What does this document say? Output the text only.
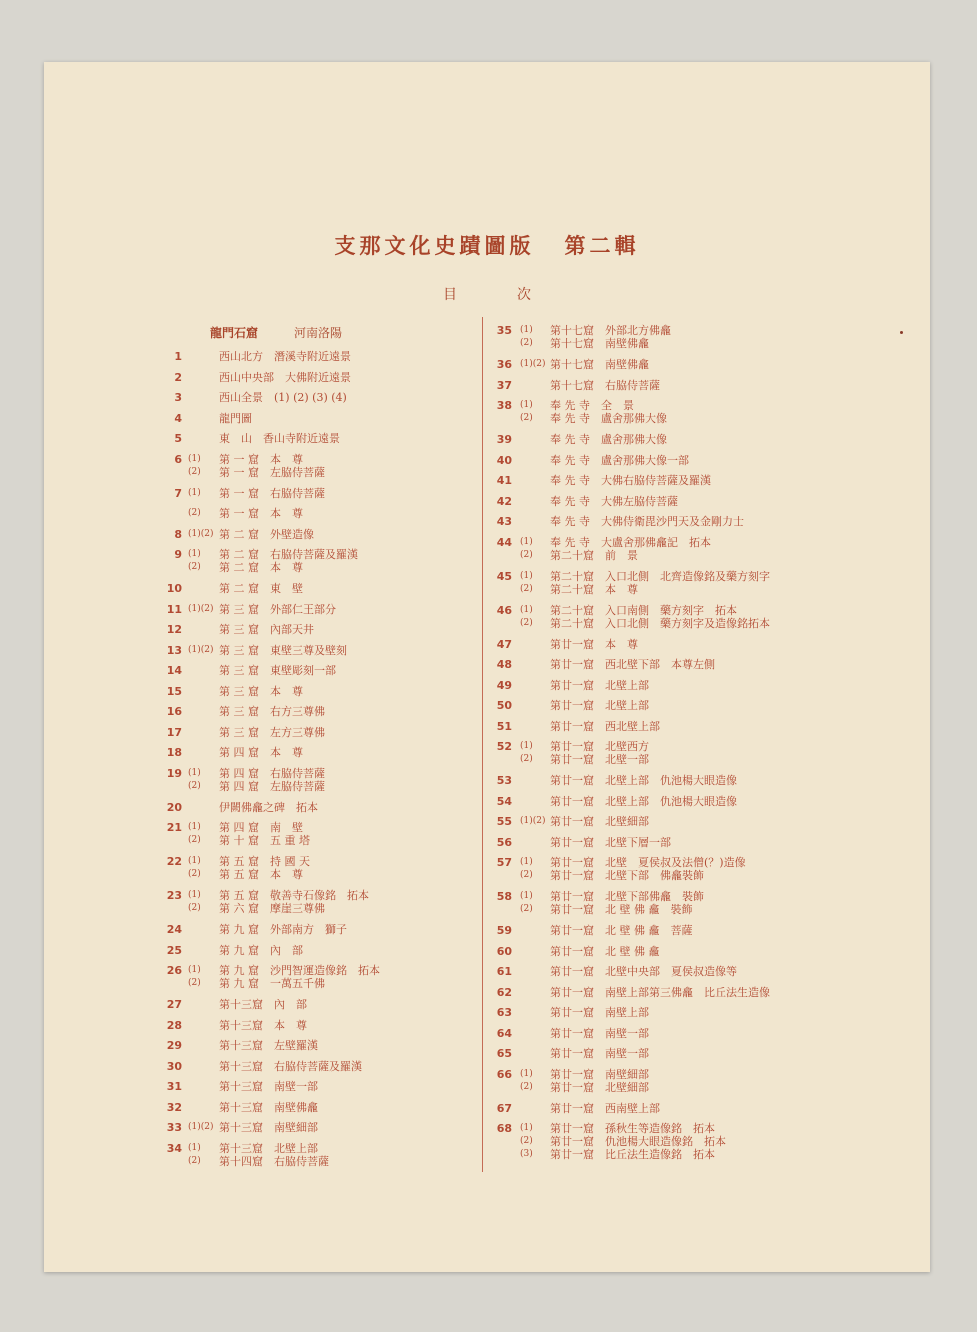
支那文化史蹟圖版 第二輯
目	次
龍門石窟	河南洛陽
1	西山北方　潛溪寺附近遠景
2	西山中央部　大佛附近遠景
3	西山全景　(1) (2) (3) (4)
4	龍門圖
5	東　山　香山寺附近遠景
6 (1) 第 一 窟　本　尊
(2) 第 一 窟　左脇侍菩薩
7 (1) 第 一 窟　右脇侍菩薩
(2) 第 一 窟　本　尊
8 (1)(2) 第 二 窟　外壁造像
9 (1) 第 二 窟　右脇侍菩薩及羅漢
(2) 第 二 窟　本　尊
10	第 二 窟　東　壁
11 (1)(2) 第 三 窟　外部仁王部分
12	第 三 窟　內部天井
13 (1)(2) 第 三 窟　東壁三尊及壁刻
14	第 三 窟　東壁彫刻一部
15	第 三 窟　本　尊
16	第 三 窟　右方三尊佛
17	第 三 窟　左方三尊佛
18	第 四 窟　本　尊
19 (1) 第 四 窟　右脇侍菩薩
(2) 第 四 窟　左脇侍菩薩
20	伊闕佛龕之碑　拓本
21 (1) 第 四 窟　南　壁
(2) 第 十 窟　五 重 塔
22 (1) 第 五 窟　持 國 天
(2) 第 五 窟　本　尊
23 (1) 第 五 窟　敬善寺石像銘　拓本
(2) 第 六 窟　摩崖三尊佛
24	第 九 窟　外部南方　獅子
25	第 九 窟　內　部
26 (1) 第 九 窟　沙門智運造像銘　拓本
(2) 第 九 窟　一萬五千佛
27	第十三窟　內　部
28	第十三窟　本　尊
29	第十三窟　左壁羅漢
30	第十三窟　右脇侍菩薩及羅漢
31	第十三窟　南壁一部
32	第十三窟　南壁佛龕
33 (1)(2) 第十三窟　南壁細部
34 (1) 第十三窟　北壁上部
(2) 第十四窟　右脇侍菩薩
35 (1) 第十七窟　外部北方佛龕
(2) 第十七窟　南壁佛龕
36 (1)(2) 第十七窟　南壁佛龕
37	第十七窟　右脇侍菩薩
38 (1) 奉 先 寺　全　景
(2) 奉 先 寺　盧舍那佛大像
39	奉 先 寺　盧舍那佛大像
40	奉 先 寺　盧舍那佛大像一部
41	奉 先 寺　大佛右脇侍菩薩及羅漢
42	奉 先 寺　大佛左脇侍菩薩
43	奉 先 寺　大佛侍衛毘沙門天及金剛力士
44 (1) 奉 先 寺　大盧舍那佛龕記　拓本
(2) 第二十窟　前　景
45 (1) 第二十窟　入口北側　北齊造像銘及藥方刻字
(2) 第二十窟　本　尊
46 (1) 第二十窟　入口南側　藥方刻字　拓本
(2) 第二十窟　入口北側　藥方刻字及造像銘拓本
47	第廿一窟　本　尊
48	第廿一窟　西北壁下部　本尊左側
49	第廿一窟　北壁上部
50	第廿一窟　北壁上部
51	第廿一窟　西北壁上部
52 (1) 第廿一窟　北壁西方
(2) 第廿一窟　北壁一部
53	第廿一窟　北壁上部　仇池楊大眼造像
54	第廿一窟　北壁上部　仇池楊大眼造像
55 (1)(2) 第廿一窟　北壁細部
56	第廿一窟　北壁下層一部
57 (1) 第廿一窟　北壁　夏侯叔及法僧(？)造像
(2) 第廿一窟　北壁下部　佛龕裝飾
58 (1) 第廿一窟　北壁下部佛龕　裝飾
(2) 第廿一窟　北 壁 佛 龕　裝飾
59	第廿一窟　北 壁 佛 龕　菩薩
60	第廿一窟　北 壁 佛 龕
61	第廿一窟　北壁中央部　夏侯叔造像等
62	第廿一窟　南壁上部第三佛龕　比丘法生造像
63	第廿一窟　南壁上部
64	第廿一窟　南壁一部
65	第廿一窟　南壁一部
66 (1) 第廿一窟　南壁細部
(2) 第廿一窟　北壁細部
67	第廿一窟　西南壁上部
68 (1) 第廿一窟　孫秋生等造像銘　拓本
(2) 第廿一窟　仇池楊大眼造像銘　拓本
(3) 第廿一窟　比丘法生造像銘　拓本
